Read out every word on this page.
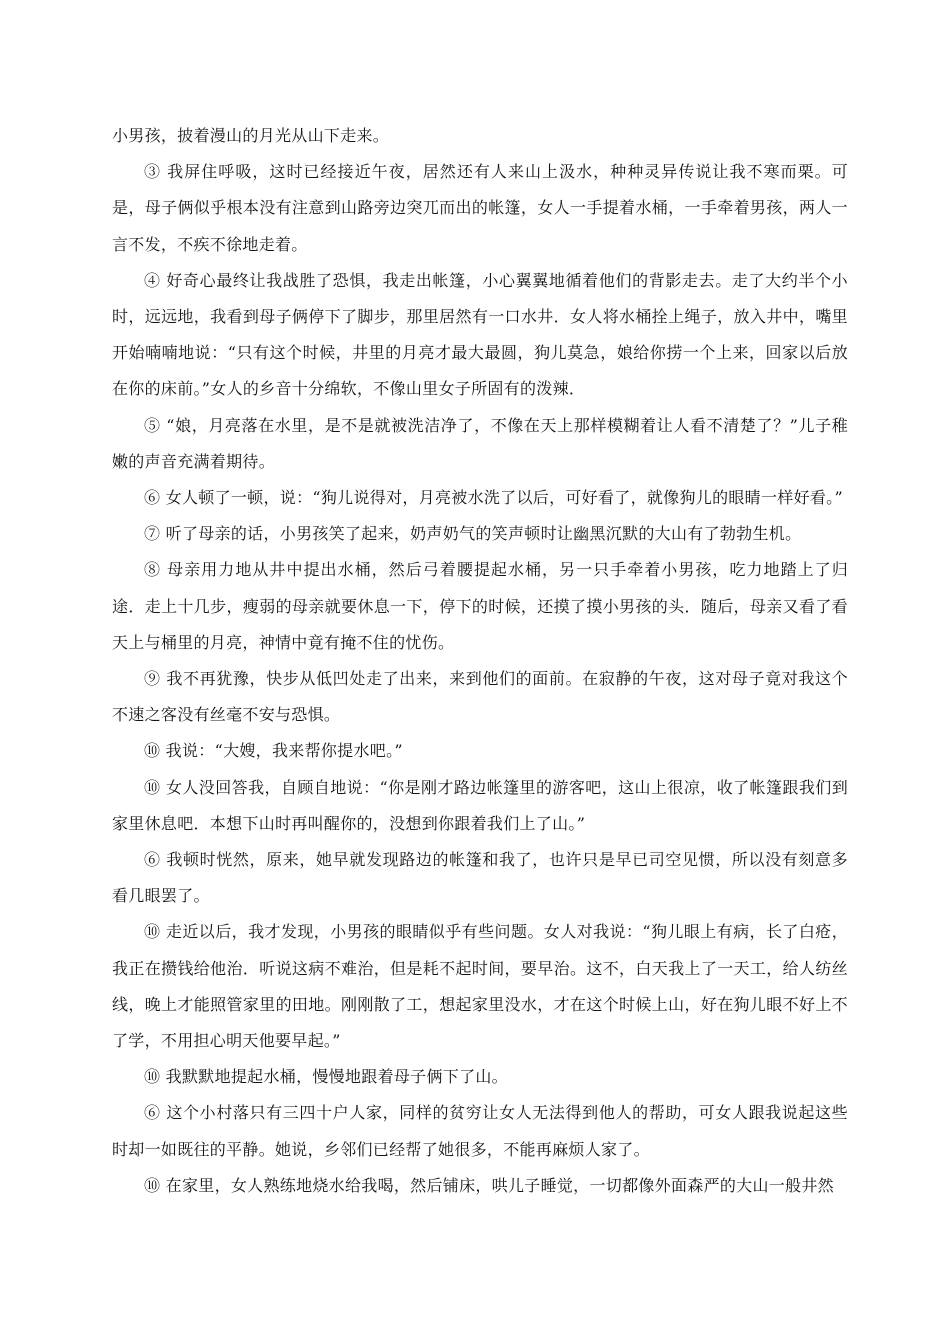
小男孩，披着漫山的月光从山下走来。

③ 我屏住呼吸，这时已经接近午夜，居然还有人来山上汲水，种种灵异传说让我不寒而栗。可是，母子俩似乎根本没有注意到山路旁边突兀而出的帐篷，女人一手提着水桶，一手牵着男孩，两人一言不发，不疾不徐地走着。

④ 好奇心最终让我战胜了恐惧，我走出帐篷，小心翼翼地循着他们的背影走去。走了大约半个小时，远远地，我看到母子俩停下了脚步，那里居然有一口水井．女人将水桶拴上绳子，放入井中，嘴里开始喃喃地说：“只有这个时候，井里的月亮才最大最圆，狗儿莫急，娘给你捞一个上来，回家以后放在你的床前。”女人的乡音十分绵软，不像山里女子所固有的泼辣．

⑤ “娘，月亮落在水里，是不是就被洗洁净了，不像在天上那样模糊着让人看不清楚了？”儿子稚嫩的声音充满着期待。

⑥ 女人顿了一顿，说：“狗儿说得对，月亮被水洗了以后，可好看了，就像狗儿的眼睛一样好看。”

⑦ 听了母亲的话，小男孩笑了起来，奶声奶气的笑声顿时让幽黑沉默的大山有了勃勃生机。

⑧ 母亲用力地从井中提出水桶，然后弓着腰提起水桶，另一只手牵着小男孩，吃力地踏上了归途．走上十几步，瘦弱的母亲就要休息一下，停下的时候，还摸了摸小男孩的头．随后，母亲又看了看天上与桶里的月亮，神情中竟有掩不住的忧伤。

⑨ 我不再犹豫，快步从低凹处走了出来，来到他们的面前。在寂静的午夜，这对母子竟对我这个不速之客没有丝毫不安与恐惧。

⑩ 我说：“大嫂，我来帮你提水吧。”

⑩ 女人没回答我，自顾自地说：“你是刚才路边帐篷里的游客吧，这山上很凉，收了帐篷跟我们到家里休息吧．本想下山时再叫醒你的，没想到你跟着我们上了山。”

⑥ 我顿时恍然，原来，她早就发现路边的帐篷和我了，也许只是早已司空见惯，所以没有刻意多看几眼罢了。

⑩ 走近以后，我才发现，小男孩的眼睛似乎有些问题。女人对我说：“狗儿眼上有病，长了白疮，我正在攒钱给他治．听说这病不难治，但是耗不起时间，要早治。这不，白天我上了一天工，给人纺丝线，晚上才能照管家里的田地。刚刚散了工，想起家里没水，才在这个时候上山，好在狗儿眼不好上不了学，不用担心明天他要早起。”

⑩ 我默默地提起水桶，慢慢地跟着母子俩下了山。

⑥ 这个小村落只有三四十户人家，同样的贫穷让女人无法得到他人的帮助，可女人跟我说起这些时却一如既往的平静。她说，乡邻们已经帮了她很多，不能再麻烦人家了。

⑩ 在家里，女人熟练地烧水给我喝，然后铺床，哄儿子睡觉，一切都像外面森严的大山一般井然
